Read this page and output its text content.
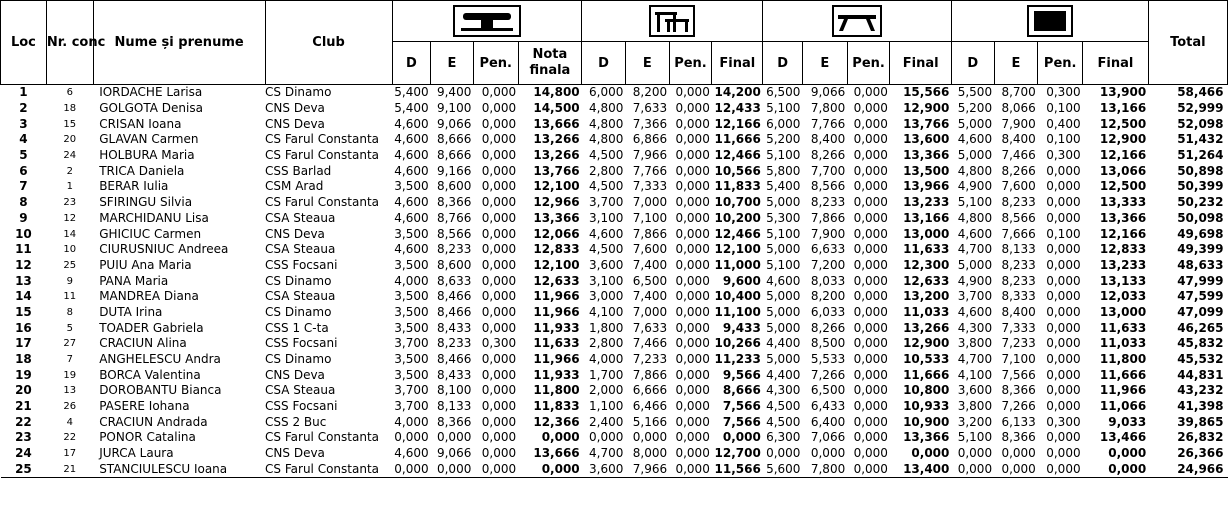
Loc	Nr. conc	Nume și prenume	Club																	Total
				D	E	Pen.	Nota finala	D	E	Pen.	Final	D	E	Pen.	Final	D	E	Pen.	Final	
1	6	IORDACHE Larisa	CS Dinamo	5,400	9,400	0,000	14,800	6,000	8,200	0,000	14,200	6,500	9,066	0,000	15,566	5,500	8,700	0,300	13,900	58,466
2	18	GOLGOTA Denisa	CNS Deva	5,400	9,100	0,000	14,500	4,800	7,633	0,000	12,433	5,100	7,800	0,000	12,900	5,200	8,066	0,100	13,166	52,999
3	15	CRISAN Ioana	CNS Deva	4,600	9,066	0,000	13,666	4,800	7,366	0,000	12,166	6,000	7,766	0,000	13,766	5,000	7,900	0,400	12,500	52,098
4	20	GLAVAN Carmen	CS Farul Constanta	4,600	8,666	0,000	13,266	4,800	6,866	0,000	11,666	5,200	8,400	0,000	13,600	4,600	8,400	0,100	12,900	51,432
5	24	HOLBURA Maria	CS Farul Constanta	4,600	8,666	0,000	13,266	4,500	7,966	0,000	12,466	5,100	8,266	0,000	13,366	5,000	7,466	0,300	12,166	51,264
6	2	TRICA Daniela	CSS Barlad	4,600	9,166	0,000	13,766	2,800	7,766	0,000	10,566	5,800	7,700	0,000	13,500	4,800	8,266	0,000	13,066	50,898
7	1	BERAR Iulia	CSM Arad	3,500	8,600	0,000	12,100	4,500	7,333	0,000	11,833	5,400	8,566	0,000	13,966	4,900	7,600	0,000	12,500	50,399
8	23	SFIRINGU Silvia	CS Farul Constanta	4,600	8,366	0,000	12,966	3,700	7,000	0,000	10,700	5,000	8,233	0,000	13,233	5,100	8,233	0,000	13,333	50,232
9	12	MARCHIDANU Lisa	CSA Steaua	4,600	8,766	0,000	13,366	3,100	7,100	0,000	10,200	5,300	7,866	0,000	13,166	4,800	8,566	0,000	13,366	50,098
10	14	GHICIUC Carmen	CNS Deva	3,500	8,566	0,000	12,066	4,600	7,866	0,000	12,466	5,100	7,900	0,000	13,000	4,600	7,666	0,100	12,166	49,698
11	10	CIURUSNIUC Andreea	CSA Steaua	4,600	8,233	0,000	12,833	4,500	7,600	0,000	12,100	5,000	6,633	0,000	11,633	4,700	8,133	0,000	12,833	49,399
12	25	PUIU Ana Maria	CSS Focsani	3,500	8,600	0,000	12,100	3,600	7,400	0,000	11,000	5,100	7,200	0,000	12,300	5,000	8,233	0,000	13,233	48,633
13	9	PANA Maria	CS Dinamo	4,000	8,633	0,000	12,633	3,100	6,500	0,000	9,600	4,600	8,033	0,000	12,633	4,900	8,233	0,000	13,133	47,999
14	11	MANDREA Diana	CSA Steaua	3,500	8,466	0,000	11,966	3,000	7,400	0,000	10,400	5,000	8,200	0,000	13,200	3,700	8,333	0,000	12,033	47,599
15	8	DUTA Irina	CS Dinamo	3,500	8,466	0,000	11,966	4,100	7,000	0,000	11,100	5,000	6,033	0,000	11,033	4,600	8,400	0,000	13,000	47,099
16	5	TOADER Gabriela	CSS 1 C-ta	3,500	8,433	0,000	11,933	1,800	7,633	0,000	9,433	5,000	8,266	0,000	13,266	4,300	7,333	0,000	11,633	46,265
17	27	CRACIUN Alina	CSS Focsani	3,700	8,233	0,300	11,633	2,800	7,466	0,000	10,266	4,400	8,500	0,000	12,900	3,800	7,233	0,000	11,033	45,832
18	7	ANGHELESCU Andra	CS Dinamo	3,500	8,466	0,000	11,966	4,000	7,233	0,000	11,233	5,000	5,533	0,000	10,533	4,700	7,100	0,000	11,800	45,532
19	19	BORCA Valentina	CNS Deva	3,500	8,433	0,000	11,933	1,700	7,866	0,000	9,566	4,400	7,266	0,000	11,666	4,100	7,566	0,000	11,666	44,831
20	13	DOROBANTU Bianca	CSA Steaua	3,700	8,100	0,000	11,800	2,000	6,666	0,000	8,666	4,300	6,500	0,000	10,800	3,600	8,366	0,000	11,966	43,232
21	26	PASERE Iohana	CSS Focsani	3,700	8,133	0,000	11,833	1,100	6,466	0,000	7,566	4,500	6,433	0,000	10,933	3,800	7,266	0,000	11,066	41,398
22	4	CRACIUN Andrada	CSS 2 Buc	4,000	8,366	0,000	12,366	2,400	5,166	0,000	7,566	4,500	6,400	0,000	10,900	3,200	6,133	0,300	9,033	39,865
23	22	PONOR Catalina	CS Farul Constanta	0,000	0,000	0,000	0,000	0,000	0,000	0,000	0,000	6,300	7,066	0,000	13,366	5,100	8,366	0,000	13,466	26,832
24	17	JURCA Laura	CNS Deva	4,600	9,066	0,000	13,666	4,700	8,000	0,000	12,700	0,000	0,000	0,000	0,000	0,000	0,000	0,000	0,000	26,366
25	21	STANCIULESCU Ioana	CS Farul Constanta	0,000	0,000	0,000	0,000	3,600	7,966	0,000	11,566	5,600	7,800	0,000	13,400	0,000	0,000	0,000	0,000	24,966
